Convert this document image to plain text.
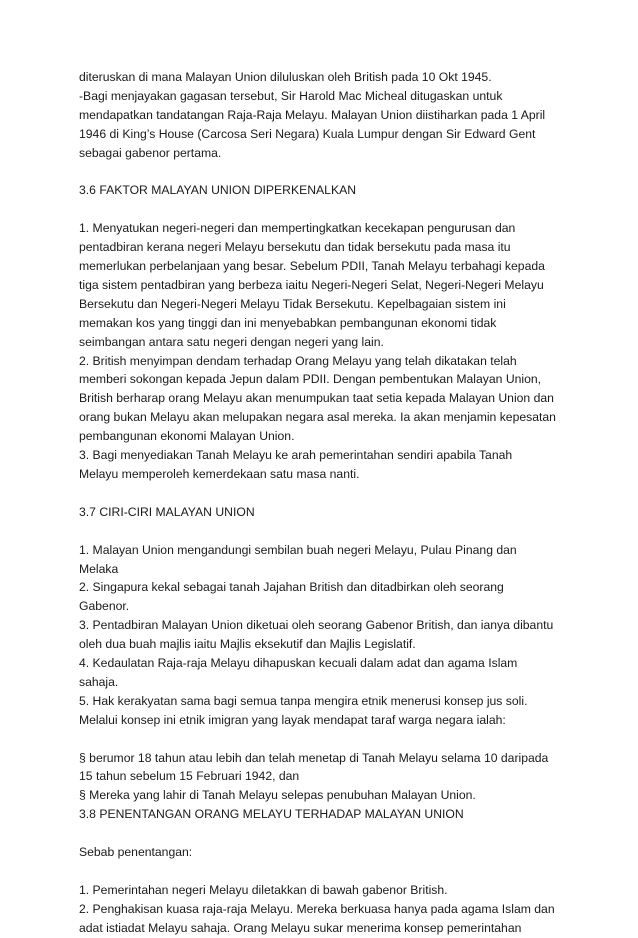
diteruskan di mana Malayan Union diluluskan oleh British pada 10 Okt 1945.
-Bagi menjayakan gagasan tersebut, Sir Harold Mac Micheal ditugaskan untuk
mendapatkan tandatangan Raja-Raja Melayu. Malayan Union diistiharkan pada 1 April
1946 di King’s House (Carcosa Seri Negara) Kuala Lumpur dengan Sir Edward Gent
sebagai gabenor pertama.
3.6 FAKTOR MALAYAN UNION DIPERKENALKAN
1. Menyatukan negeri-negeri dan mempertingkatkan kecekapan pengurusan dan
pentadbiran kerana negeri Melayu bersekutu dan tidak bersekutu pada masa itu
memerlukan perbelanjaan yang besar. Sebelum PDII, Tanah Melayu terbahagi kepada
tiga sistem pentadbiran yang berbeza iaitu Negeri-Negeri Selat, Negeri-Negeri Melayu
Bersekutu dan Negeri-Negeri Melayu Tidak Bersekutu. Kepelbagaian sistem ini
memakan kos yang tinggi dan ini menyebabkan pembangunan ekonomi tidak
seimbangan antara satu negeri dengan negeri yang lain.
2. British menyimpan dendam terhadap Orang Melayu yang telah dikatakan telah
memberi sokongan kepada Jepun dalam PDII. Dengan pembentukan Malayan Union,
British berharap orang Melayu akan menumpukan taat setia kepada Malayan Union dan
orang bukan Melayu akan melupakan negara asal mereka. Ia akan menjamin kepesatan
pembangunan ekonomi Malayan Union.
3. Bagi menyediakan Tanah Melayu ke arah pemerintahan sendiri apabila Tanah
Melayu memperoleh kemerdekaan satu masa nanti.
3.7 CIRI-CIRI MALAYAN UNION
1. Malayan Union mengandungi sembilan buah negeri Melayu, Pulau Pinang dan
Melaka
2. Singapura kekal sebagai tanah Jajahan British dan ditadbirkan oleh seorang
Gabenor.
3. Pentadbiran Malayan Union diketuai oleh seorang Gabenor British, dan ianya dibantu
oleh dua buah majlis iaitu Majlis eksekutif dan Majlis Legislatif.
4. Kedaulatan Raja-raja Melayu dihapuskan kecuali dalam adat dan agama Islam
sahaja.
5. Hak kerakyatan sama bagi semua tanpa mengira etnik menerusi konsep jus soli.
Melalui konsep ini etnik imigran yang layak mendapat taraf warga negara ialah:
§ berumor 18 tahun atau lebih dan telah menetap di Tanah Melayu selama 10 daripada
15 tahun sebelum 15 Februari 1942, dan
§ Mereka yang lahir di Tanah Melayu selepas penubuhan Malayan Union.
3.8 PENENTANGAN ORANG MELAYU TERHADAP MALAYAN UNION
Sebab penentangan:
1. Pemerintahan negeri Melayu diletakkan di bawah gabenor British.
2. Penghakisan kuasa raja-raja Melayu. Mereka berkuasa hanya pada agama Islam dan
adat istiadat Melayu sahaja. Orang Melayu sukar menerima konsep pemerintahan
